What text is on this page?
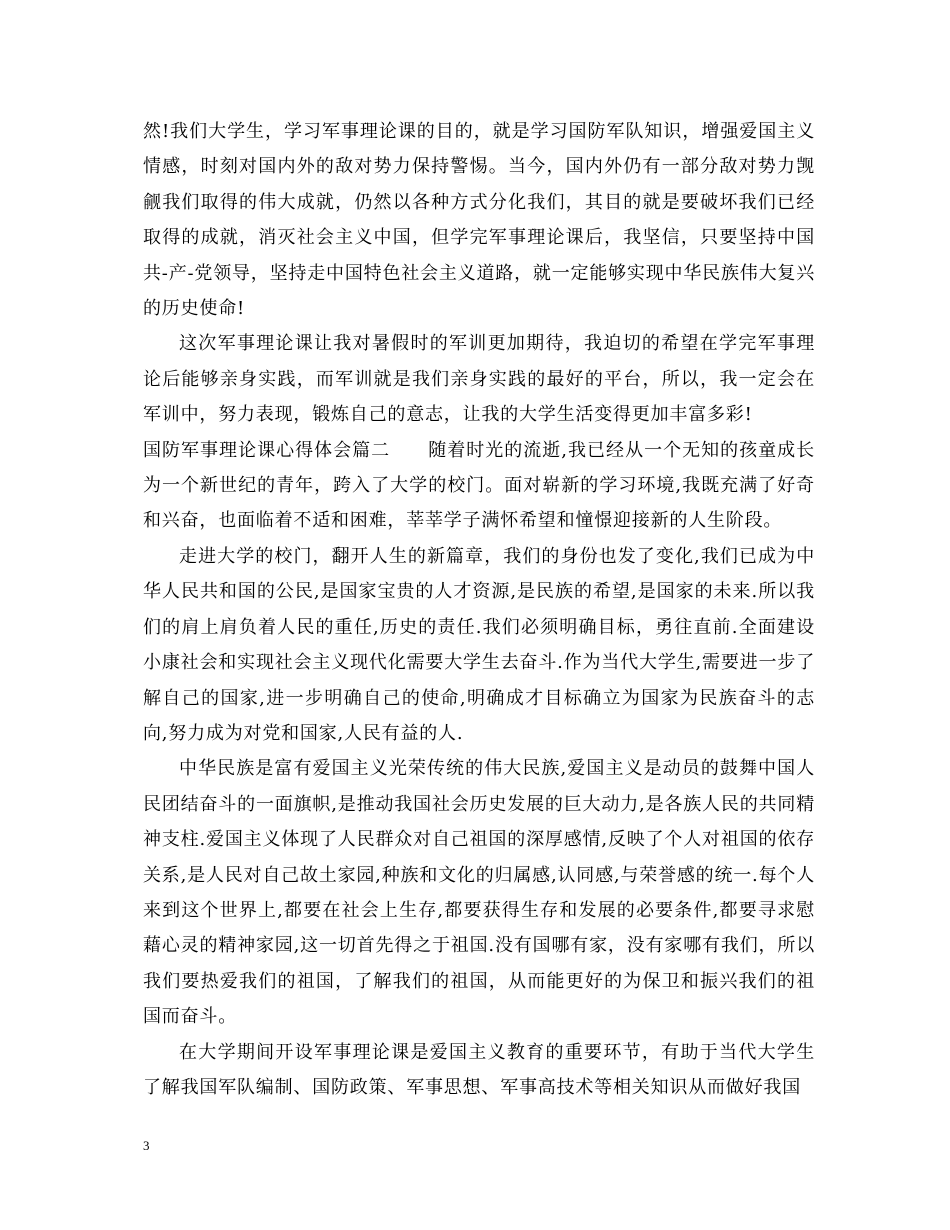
然!我们大学生，学习军事理论课的目的，就是学习国防军队知识，增强爱国主义情感，时刻对国内外的敌对势力保持警惕。当今，国内外仍有一部分敌对势力觊觎我们取得的伟大成就，仍然以各种方式分化我们，其目的就是要破坏我们已经取得的成就，消灭社会主义中国，但学完军事理论课后，我坚信，只要坚持中国共-产-党领导，坚持走中国特色社会主义道路，就一定能够实现中华民族伟大复兴的历史使命!

这次军事理论课让我对暑假时的军训更加期待，我迫切的希望在学完军事理论后能够亲身实践，而军训就是我们亲身实践的最好的平台，所以，我一定会在军训中，努力表现，锻炼自己的意志，让我的大学生活变得更加丰富多彩!

国防军事理论课心得体会篇二　　随着时光的流逝,我已经从一个无知的孩童成长为一个新世纪的青年，跨入了大学的校门。面对崭新的学习环境,我既充满了好奇和兴奋，也面临着不适和困难，莘莘学子满怀希望和憧憬迎接新的人生阶段。

走进大学的校门，翻开人生的新篇章，我们的身份也发了变化,我们已成为中华人民共和国的公民,是国家宝贵的人才资源,是民族的希望,是国家的未来.所以我们的肩上肩负着人民的重任,历史的责任.我们必须明确目标，勇往直前.全面建设小康社会和实现社会主义现代化需要大学生去奋斗.作为当代大学生,需要进一步了解自己的国家,进一步明确自己的使命,明确成才目标确立为国家为民族奋斗的志向,努力成为对党和国家,人民有益的人.

中华民族是富有爱国主义光荣传统的伟大民族,爱国主义是动员的鼓舞中国人民团结奋斗的一面旗帜,是推动我国社会历史发展的巨大动力,是各族人民的共同精神支柱.爱国主义体现了人民群众对自己祖国的深厚感情,反映了个人对祖国的依存关系,是人民对自己故土家园,种族和文化的归属感,认同感,与荣誉感的统一.每个人来到这个世界上,都要在社会上生存,都要获得生存和发展的必要条件,都要寻求慰藉心灵的精神家园,这一切首先得之于祖国.没有国哪有家，没有家哪有我们，所以我们要热爱我们的祖国，了解我们的祖国，从而能更好的为保卫和振兴我们的祖国而奋斗。

在大学期间开设军事理论课是爱国主义教育的重要环节，有助于当代大学生了解我国军队编制、国防政策、军事思想、军事高技术等相关知识从而做好我国

3
